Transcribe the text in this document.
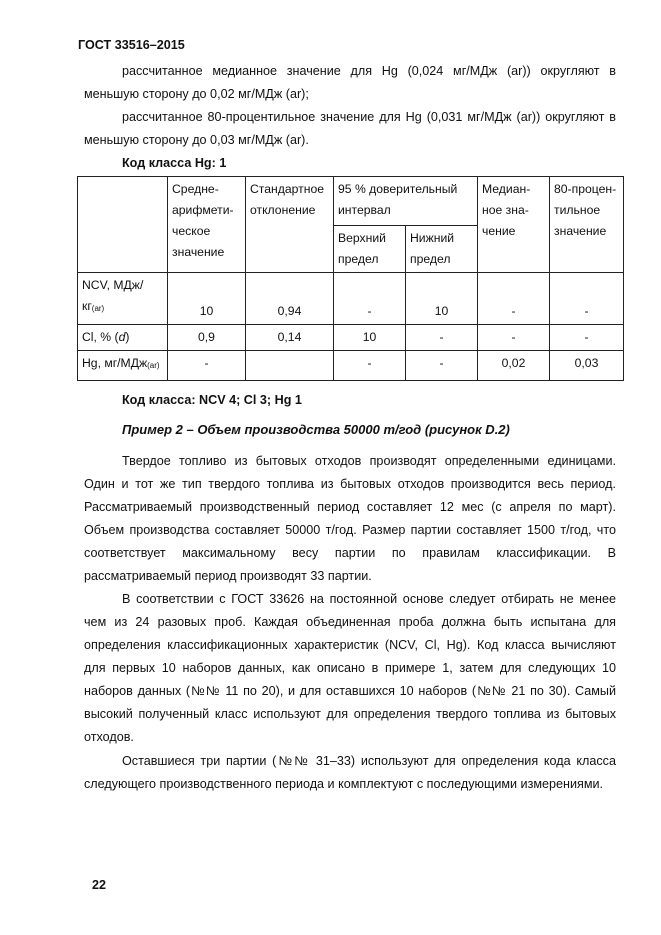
ГОСТ 33516–2015
рассчитанное медианное значение для Hg (0,024 мг/МДж (ar)) округляют в меньшую сторону до 0,02 мг/МДж (ar);
рассчитанное 80-процентильное значение для Hg (0,031 мг/МДж (ar)) округляют в меньшую сторону до 0,03 мг/МДж (ar).
Код класса Hg: 1
	Средне-арифмети-ческое значение	Стандартное отклонение	95 % доверительный интервал		Медиан-ное зна-чение	80-процен-тильное значение
			Верхний предел	Нижний предел		
NCV, МДж/$кг_{(ar)}$	10	0,94	-	10	-	-
Cl, % (d)	0,9	0,14	10	-	-	-
Hg, мг/МДж$_{(ar)}$	-		-	-	0,02	0,03
Код класса: NCV 4; Cl 3; Hg 1
Пример 2 – Объем производства 50000 т/год (рисунок D.2)
Твердое топливо из бытовых отходов производят определенными единицами. Один и тот же тип твердого топлива из бытовых отходов производится весь период. Рассматриваемый производственный период составляет 12 мес (с апреля по март). Объем производства составляет 50000 т/год. Размер партии составляет 1500 т/год, что соответствует максимальному весу партии по правилам классификации. В рассматриваемый период производят 33 партии.
В соответствии с ГОСТ 33626 на постоянной основе следует отбирать не менее чем из 24 разовых проб. Каждая объединенная проба должна быть испытана для определения классификационных характеристик (NCV, Cl, Hg). Код класса вычисляют для первых 10 наборов данных, как описано в примере 1, затем для следующих 10 наборов данных (№№ 11 по 20), и для оставшихся 10 наборов (№№ 21 по 30). Самый высокий полученный класс используют для определения твердого топлива из бытовых отходов.
Оставшиеся три партии (№№ 31–33) используют для определения кода класса следующего производственного периода и комплектуют с последующими измерениями.
22
